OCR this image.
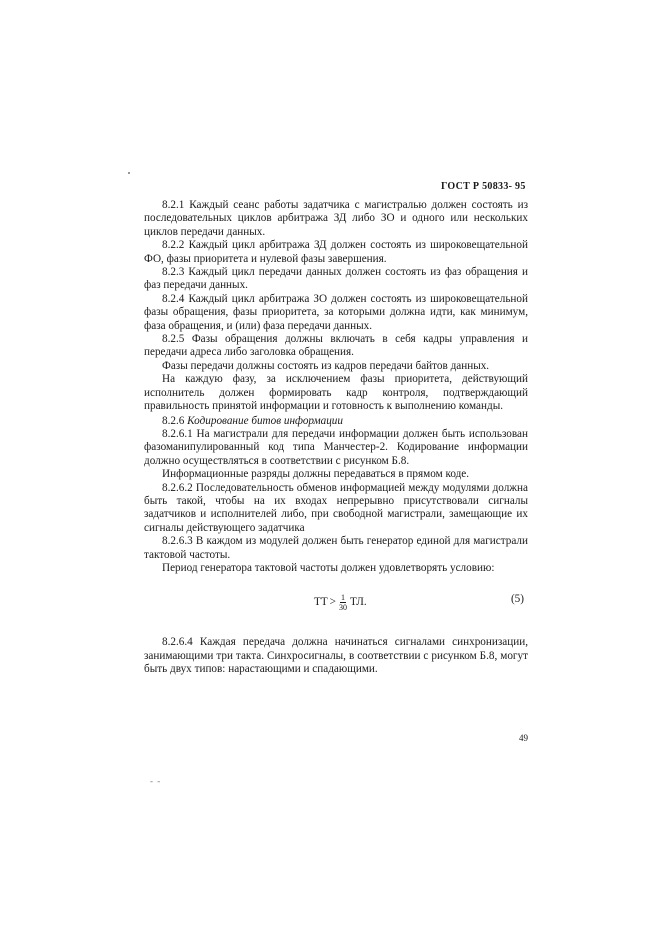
ГОСТ Р 50833- 95

8.2.1 Каждый сеанс работы задатчика с магистралью должен состоять из последовательных циклов арбитража ЗД либо ЗО и одного или нескольких циклов передачи данных.

8.2.2 Каждый цикл арбитража ЗД должен состоять из широковещательной ФО, фазы приоритета и нулевой фазы завершения.

8.2.3 Каждый цикл передачи данных должен состоять из фаз обращения и фаз передачи данных.

8.2.4 Каждый цикл арбитража ЗО должен состоять из широковещательной фазы обращения, фазы приоритета, за которыми должна идти, как минимум, фаза обращения, и (или) фаза передачи данных.

8.2.5 Фазы обращения должны включать в себя кадры управления и передачи адреса либо заголовка обращения.

Фазы передачи должны состоять из кадров передачи байтов данных.

На каждую фазу, за исключением фазы приоритета, действующий исполнитель должен формировать кадр контроля, подтверждающий правильность принятой информации и готовность к выполнению команды.

8.2.6 Кодирование битов информации

8.2.6.1 На магистрали для передачи информации должен быть использован фазоманипулированный код типа Манчестер-2. Кодирование информации должно осуществляться в соответствии с рисунком Б.8.

Информационные разряды должны передаваться в прямом коде.

8.2.6.2 Последовательность обменов информацией между модулями должна быть такой, чтобы на их входах непрерывно присутствовали сигналы задатчиков и исполнителей либо, при свободной магистрали, замещающие их сигналы действующего задатчика

8.2.6.3 В каждом из модулей должен быть генератор единой для магистрали тактовой частоты.

Период генератора тактовой частоты должен удовлетворять условию:

ТТ > $\frac{1}{30}$ ТЛ.	(5)

8.2.6.4 Каждая передача должна начинаться сигналами синхронизации, занимающими три такта. Синхросигналы, в соответствии с рисунком Б.8, могут быть двух типов: нарастающими и спадающими.

49
- -
